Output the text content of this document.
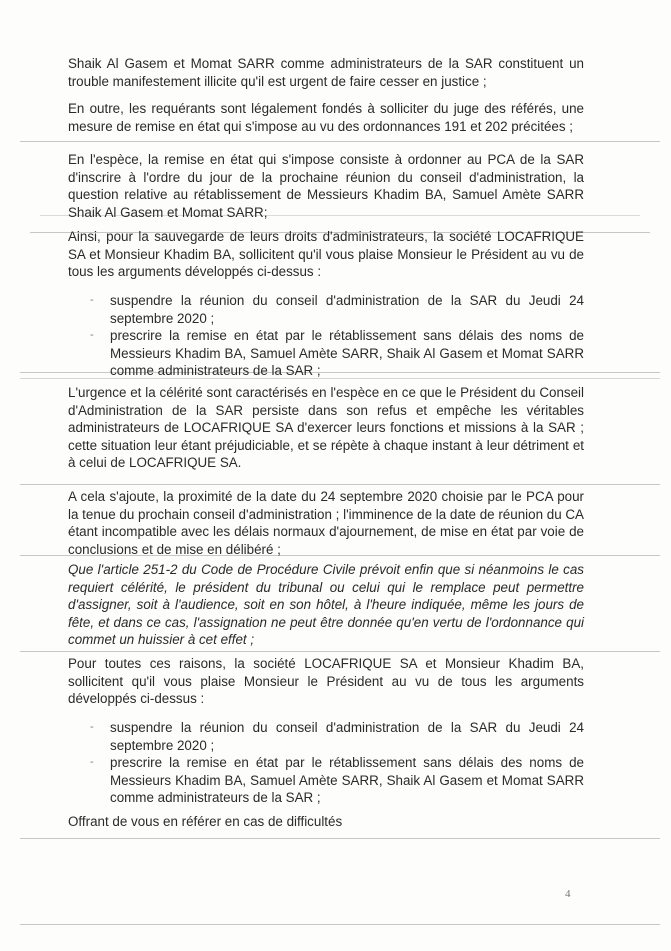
Shaik Al Gasem et Momat SARR comme administrateurs de la SAR constituent un trouble manifestement illicite qu'il est urgent de faire cesser en justice ;

En outre, les requérants sont légalement fondés à solliciter du juge des référés, une mesure de remise en état qui s'impose au vu des ordonnances 191 et 202 précitées ;

En l'espèce, la remise en état qui s'impose consiste à ordonner au PCA de la SAR d'inscrire à l'ordre du jour de la prochaine réunion du conseil d'administration, la question relative au rétablissement de Messieurs Khadim BA, Samuel Amète SARR Shaik Al Gasem et Momat SARR;

Ainsi, pour la sauvegarde de leurs droits d'administrateurs, la société LOCAFRIQUE SA et Monsieur Khadim BA, sollicitent qu'il vous plaise Monsieur le Président au vu de tous les arguments développés ci-dessus :

- suspendre la réunion du conseil d'administration de la SAR du Jeudi 24 septembre 2020 ;
- prescrire la remise en état par le rétablissement sans délais des noms de Messieurs Khadim BA, Samuel Amète SARR, Shaik Al Gasem et Momat SARR comme administrateurs de la SAR ;

L'urgence et la célérité sont caractérisés en l'espèce en ce que le Président du Conseil d'Administration de la SAR persiste dans son refus et empêche les véritables administrateurs de LOCAFRIQUE SA d'exercer leurs fonctions et missions à la SAR ; cette situation leur étant préjudiciable, et se répète à chaque instant à leur détriment et à celui de LOCAFRIQUE SA.

A cela s'ajoute, la proximité de la date du 24 septembre 2020 choisie par le PCA pour la tenue du prochain conseil d'administration ; l'imminence de la date de réunion du CA étant incompatible avec les délais normaux d'ajournement, de mise en état par voie de conclusions et de mise en délibéré ;

Que l'article 251-2 du Code de Procédure Civile prévoit enfin que si néanmoins le cas requiert célérité, le président du tribunal ou celui qui le remplace peut permettre d'assigner, soit à l'audience, soit en son hôtel, à l'heure indiquée, même les jours de fête, et dans ce cas, l'assignation ne peut être donnée qu'en vertu de l'ordonnance qui commet un huissier à cet effet ;

Pour toutes ces raisons, la société LOCAFRIQUE SA et Monsieur Khadim BA, sollicitent qu'il vous plaise Monsieur le Président au vu de tous les arguments développés ci-dessus :

- suspendre la réunion du conseil d'administration de la SAR du Jeudi 24 septembre 2020 ;
- prescrire la remise en état par le rétablissement sans délais des noms de Messieurs Khadim BA, Samuel Amète SARR, Shaik Al Gasem et Momat SARR comme administrateurs de la SAR ;

Offrant de vous en référer en cas de difficultés

4
